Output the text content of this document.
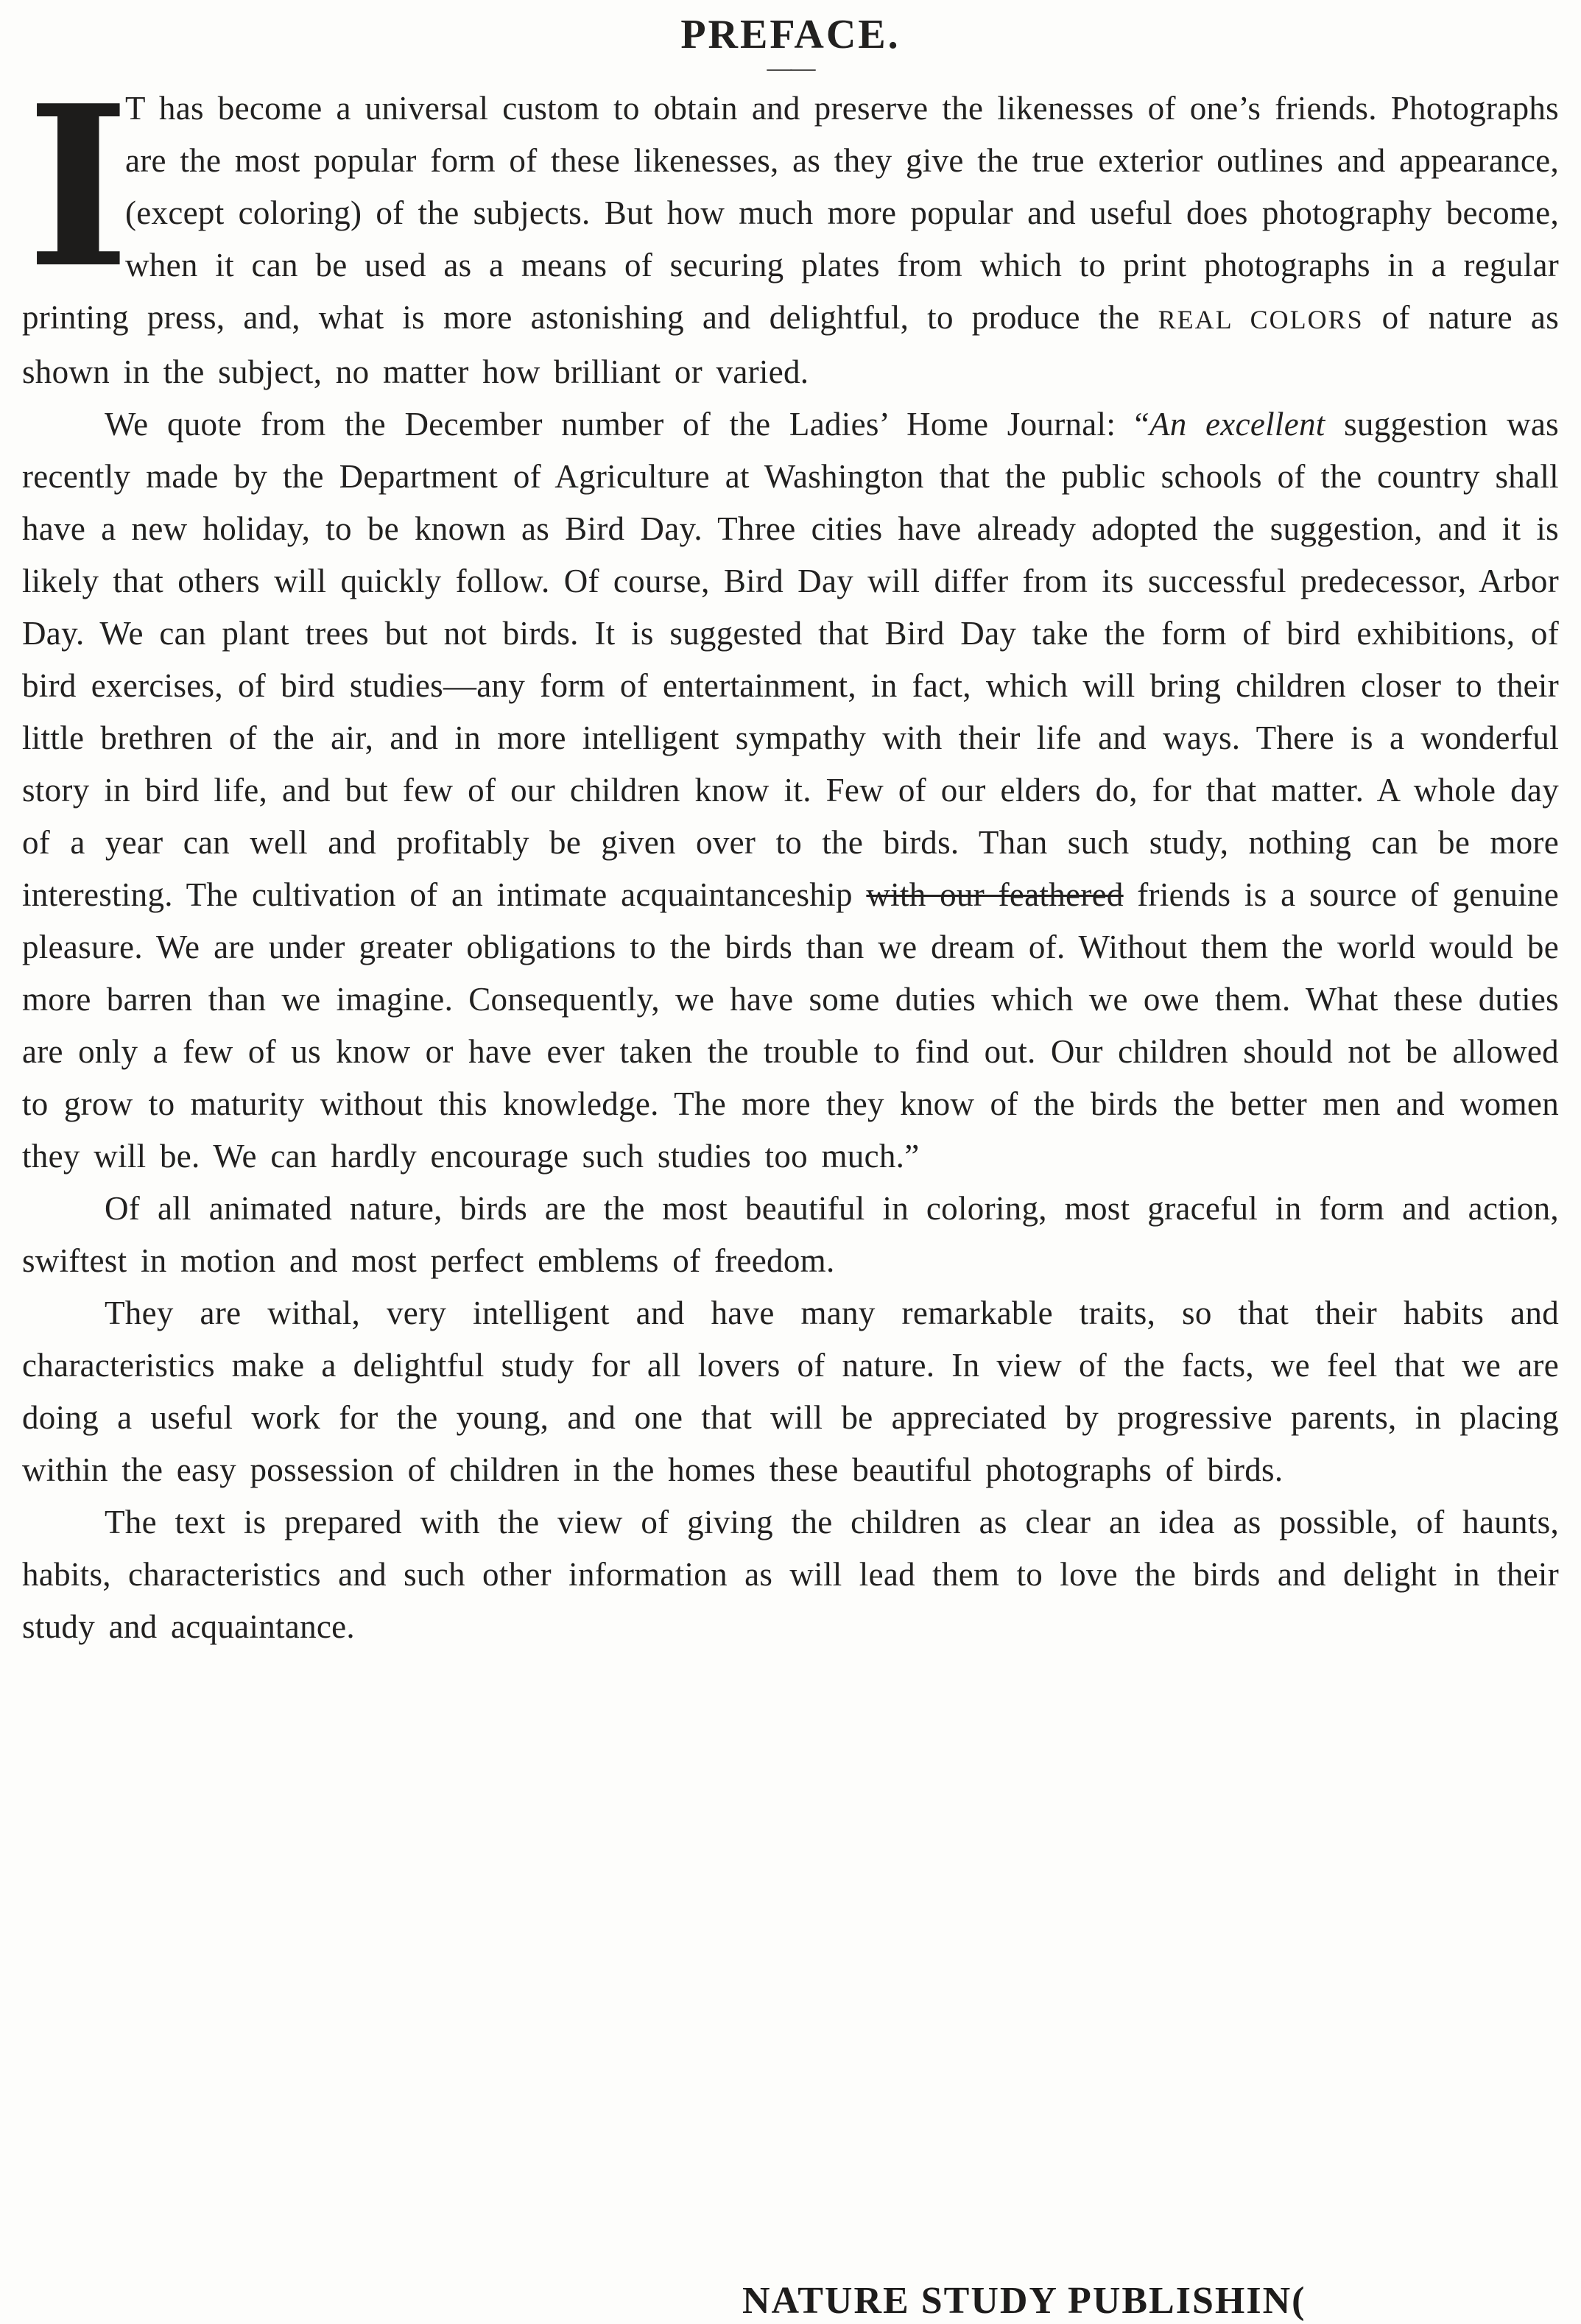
PREFACE.
——

I
T has become a universal custom to obtain and preserve the likenesses of one’s friends. Photographs are the most popular form of these likenesses, as they give the true exterior outlines and appearance, (except coloring) of the subjects. But how much more popular and useful does photography become, when it can be used as a means of securing plates from which to print photographs in a regular printing press, and, what is more astonishing and delightful, to produce the REAL COLORS of nature as shown in the subject, no matter how brilliant or varied.

We quote from the December number of the Ladies’ Home Journal: “An excellent suggestion was recently made by the Department of Agriculture at Washington that the public schools of the country shall have a new holiday, to be known as Bird Day. Three cities have already adopted the suggestion, and it is likely that others will quickly follow. Of course, Bird Day will differ from its successful predecessor, Arbor Day. We can plant trees but not birds. It is suggested that Bird Day take the form of bird exhibitions, of bird exercises, of bird studies—any form of entertainment, in fact, which will bring children closer to their little brethren of the air, and in more intelligent sympathy with their life and ways. There is a wonderful story in bird life, and but few of our children know it. Few of our elders do, for that matter. A whole day of a year can well and profitably be given over to the birds. Than such study, nothing can be more interesting. The cultivation of an intimate acquaintanceship with our feathered friends is a source of genuine pleasure. We are under greater obligations to the birds than we dream of. Without them the world would be more barren than we imagine. Consequently, we have some duties which we owe them. What these duties are only a few of us know or have ever taken the trouble to find out. Our children should not be allowed to grow to maturity without this knowledge. The more they know of the birds the better men and women they will be. We can hardly encourage such studies too much.”

Of all animated nature, birds are the most beautiful in coloring, most graceful in form and action, swiftest in motion and most perfect emblems of freedom.

They are withal, very intelligent and have many remarkable traits, so that their habits and characteristics make a delightful study for all lovers of nature. In view of the facts, we feel that we are doing a useful work for the young, and one that will be appreciated by progressive parents, in placing within the easy possession of children in the homes these beautiful photographs of birds.

The text is prepared with the view of giving the children as clear an idea as possible, of haunts, habits, characteristics and such other information as will lead them to love the birds and delight in their study and acquaintance.

NATURE STUDY PUBLISHIN(
